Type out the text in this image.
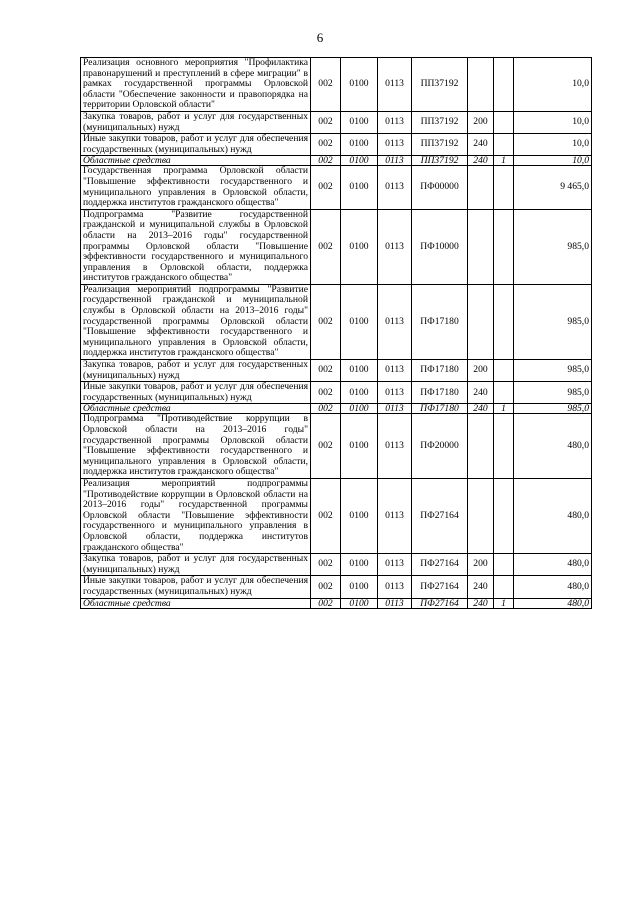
6
Реализация основного мероприятия "Профилактика правонарушений и преступлений в сфере миграции" в рамках государственной программы Орловской области "Обеспечение законности и правопорядка на территории Орловской области"	002	0100	0113	ПП37192			10,0
Закупка товаров, работ и услуг для государственных (муниципальных) нужд	002	0100	0113	ПП37192	200		10,0
Иные закупки товаров, работ и услуг для обеспечения государственных (муниципальных) нужд	002	0100	0113	ПП37192	240		10,0
Областные средства	002	0100	0113	ПП37192	240	1	10,0
Государственная программа Орловской области "Повышение эффективности государственного и муниципального управления в Орловской области, поддержка институтов гражданского общества"	002	0100	0113	ПФ00000			9 465,0
Подпрограмма "Развитие государственной гражданской и муниципальной службы в Орловской области на 2013–2016 годы" государственной программы Орловской области "Повышение эффективности государственного и муниципального управления в Орловской области, поддержка институтов гражданского общества"	002	0100	0113	ПФ10000			985,0
Реализация мероприятий подпрограммы "Развитие государственной гражданской и муниципальной службы в Орловской области на 2013–2016 годы" государственной программы Орловской области "Повышение эффективности государственного и муниципального управления в Орловской области, поддержка институтов гражданского общества"	002	0100	0113	ПФ17180			985,0
Закупка товаров, работ и услуг для государственных (муниципальных) нужд	002	0100	0113	ПФ17180	200		985,0
Иные закупки товаров, работ и услуг для обеспечения государственных (муниципальных) нужд	002	0100	0113	ПФ17180	240		985,0
Областные средства	002	0100	0113	ПФ17180	240	1	985,0
Подпрограмма "Противодействие коррупции в Орловской области на 2013–2016 годы" государственной программы Орловской области "Повышение эффективности государственного и муниципального управления в Орловской области, поддержка институтов гражданского общества"	002	0100	0113	ПФ20000			480,0
Реализация мероприятий подпрограммы "Противодействие коррупции в Орловской области на 2013–2016 годы" государственной программы Орловской области "Повышение эффективности государственного и муниципального управления в Орловской области, поддержка институтов гражданского общества"	002	0100	0113	ПФ27164			480,0
Закупка товаров, работ и услуг для государственных (муниципальных) нужд	002	0100	0113	ПФ27164	200		480,0
Иные закупки товаров, работ и услуг для обеспечения государственных (муниципальных) нужд	002	0100	0113	ПФ27164	240		480,0
Областные средства	002	0100	0113	ПФ27164	240	1	480,0
